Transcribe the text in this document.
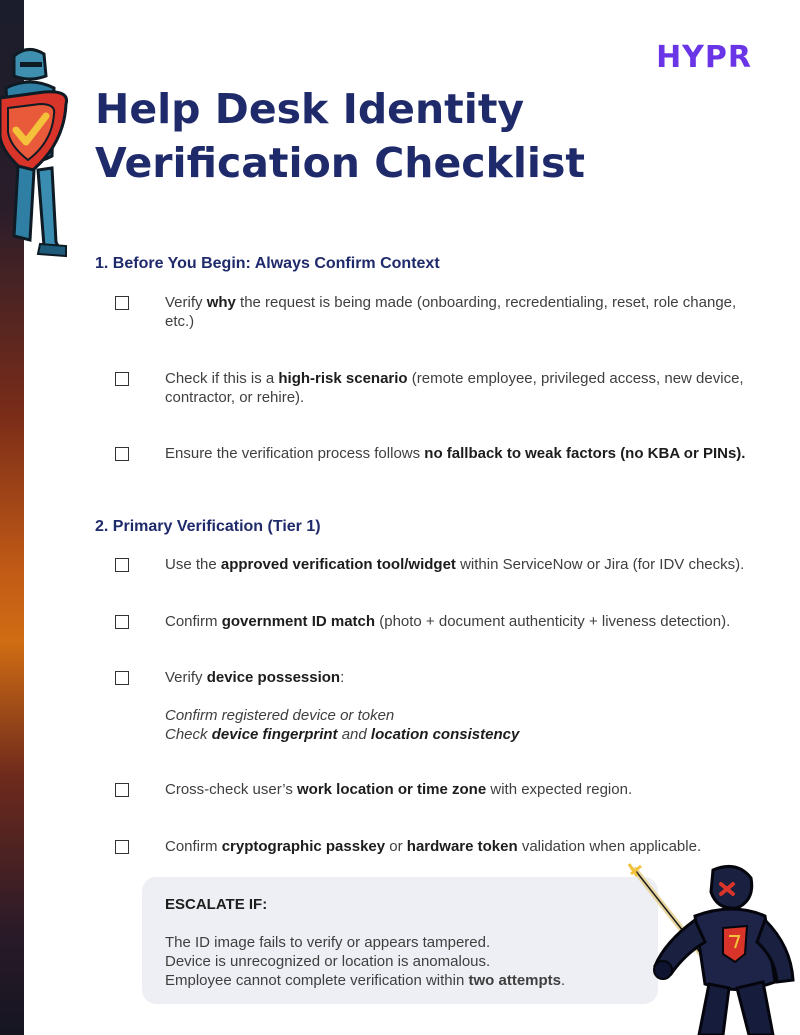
HYPR
Help Desk Identity
Verification Checklist
1. Before You Begin: Always Confirm Context
Verify why the request is being made (onboarding, recredentialing, reset, role change, etc.)
Check if this is a high-risk scenario (remote employee, privileged access, new device, contractor, or rehire).
Ensure the verification process follows no fallback to weak factors (no KBA or PINs).
2. Primary Verification (Tier 1)
Use the approved verification tool/widget within ServiceNow or Jira (for IDV checks).
Confirm government ID match (photo + document authenticity + liveness detection).
Verify device possession:
Confirm registered device or token
Check device fingerprint and location consistency
Cross-check user’s work location or time zone with expected region.
Confirm cryptographic passkey or hardware token validation when applicable.
ESCALATE IF:
The ID image fails to verify or appears tampered.
Device is unrecognized or location is anomalous.
Employee cannot complete verification within two attempts.
